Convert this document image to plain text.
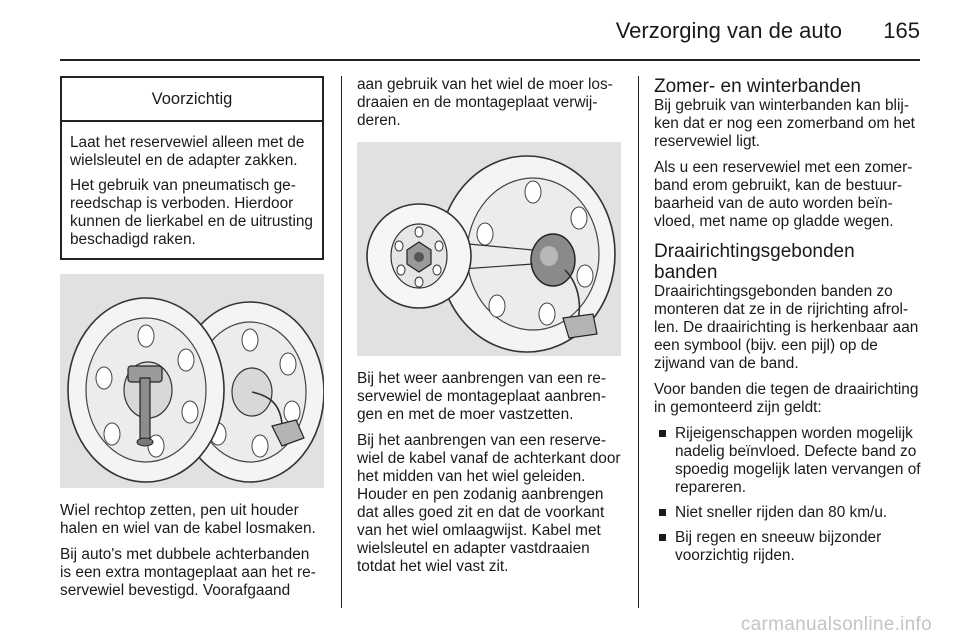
Verzorging van de auto 165
Voorzichtig

Laat het reservewiel alleen met de wielsleutel en de adapter zakken.

Het gebruik van pneumatisch gereedschap is verboden. Hierdoor kunnen de lierkabel en de uitrusting beschadigd raken.

Wiel rechtop zetten, pen uit houder halen en wiel van de kabel losmaken.

Bij auto's met dubbele achterbanden is een extra montageplaat aan het reservewiel bevestigd. Voorafgaand

aan gebruik van het wiel de moer losdraaien en de montageplaat verwijderen.

Bij het weer aanbrengen van een reservewiel de montageplaat aanbrengen en met de moer vastzetten.

Bij het aanbrengen van een reservewiel de kabel vanaf de achterkant door het midden van het wiel geleiden. Houder en pen zodanig aanbrengen dat alles goed zit en dat de voorkant van het wiel omlaagwijst. Kabel met wielsleutel en adapter vastdraaien totdat het wiel vast zit.

Zomer- en winterbanden

Bij gebruik van winterbanden kan blijken dat er nog een zomerband om het reservewiel ligt.

Als u een reservewiel met een zomerband erom gebruikt, kan de bestuurbaarheid van de auto worden beïnvloed, met name op gladde wegen.

Draairichtingsgebonden banden

Draairichtingsgebonden banden zo monteren dat ze in de rijrichting afrollen. De draairichting is herkenbaar aan een symbool (bijv. een pijl) op de zijwand van de band.

Voor banden die tegen de draairichting in gemonteerd zijn geldt:

Rijeigenschappen worden mogelijk nadelig beïnvloed. Defecte band zo spoedig mogelijk laten vervangen of repareren.
Niet sneller rijden dan 80 km/u.
Bij regen en sneeuw bijzonder voorzichtig rijden.
carmanualsonline.info
